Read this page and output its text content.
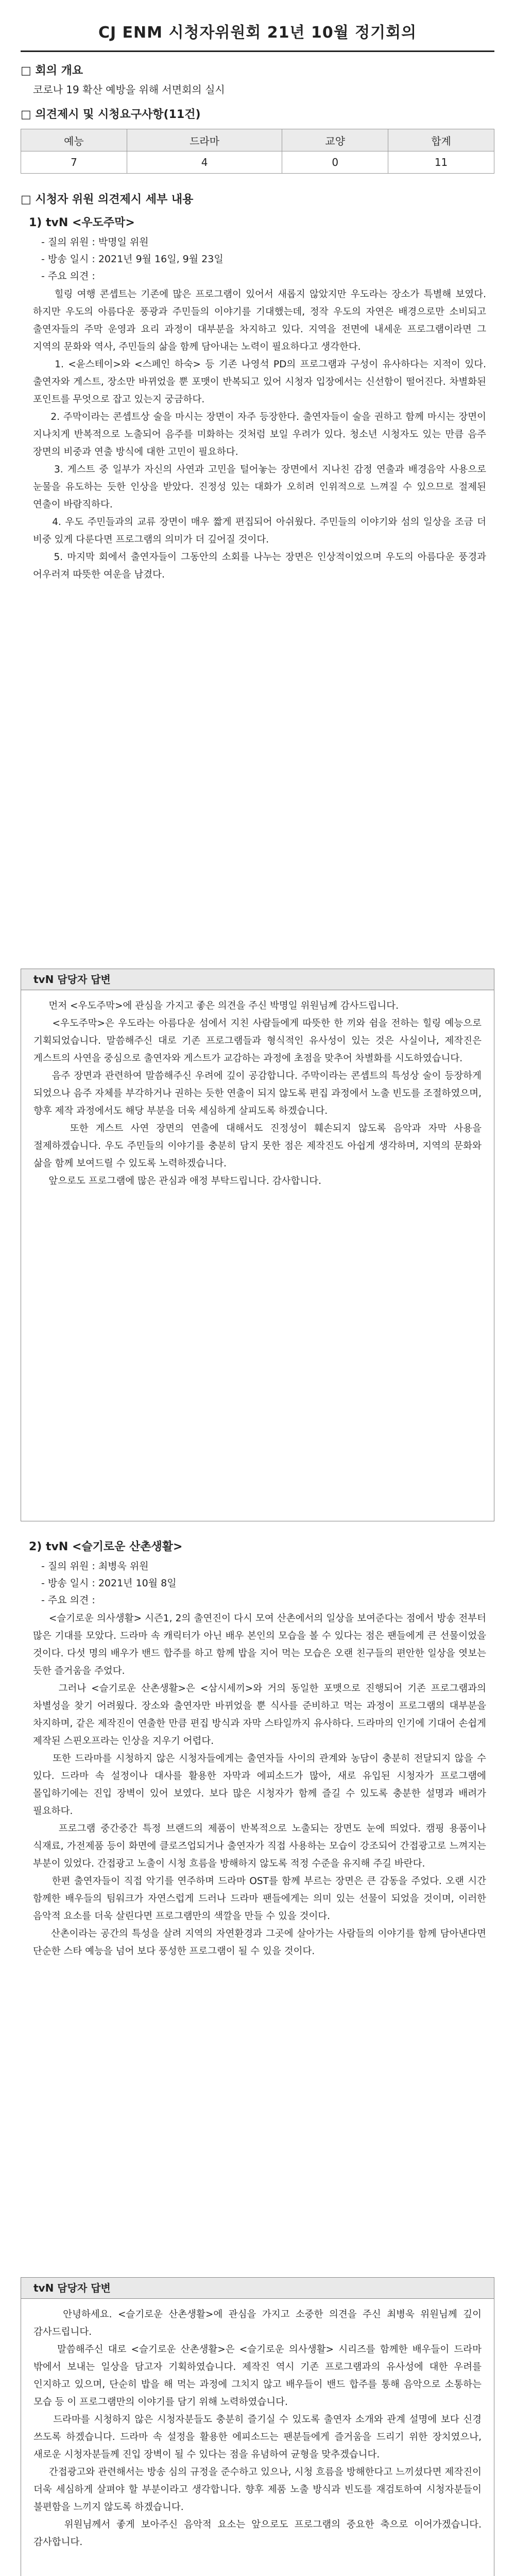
CJ ENM 시청자위원회 21년 10월 정기회의
□ 회의 개요
코로나 19 확산 예방을 위해 서면회의 실시
□ 의견제시 및 시청요구사항(11건)
예능	드라마	교양	합계
7	4	0	11
□ 시청자 위원 의견제시 세부 내용
1) tvN <우도주막>
- 질의 위원 : 박명일 위원
- 방송 일시 : 2021년 9월 16일, 9월 23일
- 주요 의견 :
힐링 여행 콘셉트는 기존에 많은 프로그램이 있어서 새롭지 않았지만 우도라는 장소가 특별해 보였다. 하지만 우도의 아름다운 풍광과 주민들의 이야기를 기대했는데, 정작 우도의 자연은 배경으로만 소비되고 출연자들의 주막 운영과 요리 과정이 대부분을 차지하고 있다. 지역을 전면에 내세운 프로그램이라면 그 지역의 문화와 역사, 주민들의 삶을 함께 담아내는 노력이 필요하다고 생각한다.
1. <윤스테이>와 <스페인 하숙> 등 기존 나영석 PD의 프로그램과 구성이 유사하다는 지적이 있다. 출연자와 게스트, 장소만 바뀌었을 뿐 포맷이 반복되고 있어 시청자 입장에서는 신선함이 떨어진다. 차별화된 포인트를 무엇으로 잡고 있는지 궁금하다.
2. 주막이라는 콘셉트상 술을 마시는 장면이 자주 등장한다. 출연자들이 술을 권하고 함께 마시는 장면이 지나치게 반복적으로 노출되어 음주를 미화하는 것처럼 보일 우려가 있다. 청소년 시청자도 있는 만큼 음주 장면의 비중과 연출 방식에 대한 고민이 필요하다.
3. 게스트 중 일부가 자신의 사연과 고민을 털어놓는 장면에서 지나친 감정 연출과 배경음악 사용으로 눈물을 유도하는 듯한 인상을 받았다. 진정성 있는 대화가 오히려 인위적으로 느껴질 수 있으므로 절제된 연출이 바람직하다.
4. 우도 주민들과의 교류 장면이 매우 짧게 편집되어 아쉬웠다. 주민들의 이야기와 섬의 일상을 조금 더 비중 있게 다룬다면 프로그램의 의미가 더 깊어질 것이다.
5. 마지막 회에서 출연자들이 그동안의 소회를 나누는 장면은 인상적이었으며 우도의 아름다운 풍경과 어우러져 따뜻한 여운을 남겼다.
tvN 담당자 답변
먼저 <우도주막>에 관심을 가지고 좋은 의견을 주신 박명일 위원님께 감사드립니다.
<우도주막>은 우도라는 아름다운 섬에서 지친 사람들에게 따뜻한 한 끼와 쉼을 전하는 힐링 예능으로 기획되었습니다. 말씀해주신 대로 기존 프로그램들과 형식적인 유사성이 있는 것은 사실이나, 제작진은 게스트의 사연을 중심으로 출연자와 게스트가 교감하는 과정에 초점을 맞추어 차별화를 시도하였습니다.
음주 장면과 관련하여 말씀해주신 우려에 깊이 공감합니다. 주막이라는 콘셉트의 특성상 술이 등장하게 되었으나 음주 자체를 부각하거나 권하는 듯한 연출이 되지 않도록 편집 과정에서 노출 빈도를 조절하였으며, 향후 제작 과정에서도 해당 부분을 더욱 세심하게 살피도록 하겠습니다.
또한 게스트 사연 장면의 연출에 대해서도 진정성이 훼손되지 않도록 음악과 자막 사용을 절제하겠습니다. 우도 주민들의 이야기를 충분히 담지 못한 점은 제작진도 아쉽게 생각하며, 지역의 문화와 삶을 함께 보여드릴 수 있도록 노력하겠습니다.
앞으로도 프로그램에 많은 관심과 애정 부탁드립니다. 감사합니다.
2) tvN <슬기로운 산촌생활>
- 질의 위원 : 최병욱 위원
- 방송 일시 : 2021년 10월 8일
- 주요 의견 :
<슬기로운 의사생활> 시즌1, 2의 출연진이 다시 모여 산촌에서의 일상을 보여준다는 점에서 방송 전부터 많은 기대를 모았다. 드라마 속 캐릭터가 아닌 배우 본인의 모습을 볼 수 있다는 점은 팬들에게 큰 선물이었을 것이다. 다섯 명의 배우가 밴드 합주를 하고 함께 밥을 지어 먹는 모습은 오랜 친구들의 편안한 일상을 엿보는 듯한 즐거움을 주었다.
그러나 <슬기로운 산촌생활>은 <삼시세끼>와 거의 동일한 포맷으로 진행되어 기존 프로그램과의 차별성을 찾기 어려웠다. 장소와 출연자만 바뀌었을 뿐 식사를 준비하고 먹는 과정이 프로그램의 대부분을 차지하며, 같은 제작진이 연출한 만큼 편집 방식과 자막 스타일까지 유사하다. 드라마의 인기에 기대어 손쉽게 제작된 스핀오프라는 인상을 지우기 어렵다.
또한 드라마를 시청하지 않은 시청자들에게는 출연자들 사이의 관계와 농담이 충분히 전달되지 않을 수 있다. 드라마 속 설정이나 대사를 활용한 자막과 에피소드가 많아, 새로 유입된 시청자가 프로그램에 몰입하기에는 진입 장벽이 있어 보였다. 보다 많은 시청자가 함께 즐길 수 있도록 충분한 설명과 배려가 필요하다.
프로그램 중간중간 특정 브랜드의 제품이 반복적으로 노출되는 장면도 눈에 띄었다. 캠핑 용품이나 식재료, 가전제품 등이 화면에 클로즈업되거나 출연자가 직접 사용하는 모습이 강조되어 간접광고로 느껴지는 부분이 있었다. 간접광고 노출이 시청 흐름을 방해하지 않도록 적정 수준을 유지해 주길 바란다.
한편 출연자들이 직접 악기를 연주하며 드라마 OST를 함께 부르는 장면은 큰 감동을 주었다. 오랜 시간 함께한 배우들의 팀워크가 자연스럽게 드러나 드라마 팬들에게는 의미 있는 선물이 되었을 것이며, 이러한 음악적 요소를 더욱 살린다면 프로그램만의 색깔을 만들 수 있을 것이다.
산촌이라는 공간의 특성을 살려 지역의 자연환경과 그곳에 살아가는 사람들의 이야기를 함께 담아낸다면 단순한 스타 예능을 넘어 보다 풍성한 프로그램이 될 수 있을 것이다.
tvN 담당자 답변
안녕하세요. <슬기로운 산촌생활>에 관심을 가지고 소중한 의견을 주신 최병욱 위원님께 깊이 감사드립니다.
말씀해주신 대로 <슬기로운 산촌생활>은 <슬기로운 의사생활> 시리즈를 함께한 배우들이 드라마 밖에서 보내는 일상을 담고자 기획하였습니다. 제작진 역시 기존 프로그램과의 유사성에 대한 우려를 인지하고 있으며, 단순히 밥을 해 먹는 과정에 그치지 않고 배우들이 밴드 합주를 통해 음악으로 소통하는 모습 등 이 프로그램만의 이야기를 담기 위해 노력하였습니다.
드라마를 시청하지 않은 시청자분들도 충분히 즐기실 수 있도록 출연자 소개와 관계 설명에 보다 신경 쓰도록 하겠습니다. 드라마 속 설정을 활용한 에피소드는 팬분들에게 즐거움을 드리기 위한 장치였으나, 새로운 시청자분들께 진입 장벽이 될 수 있다는 점을 유념하여 균형을 맞추겠습니다.
간접광고와 관련해서는 방송 심의 규정을 준수하고 있으나, 시청 흐름을 방해한다고 느끼셨다면 제작진이 더욱 세심하게 살펴야 할 부분이라고 생각합니다. 향후 제품 노출 방식과 빈도를 재검토하여 시청자분들이 불편함을 느끼지 않도록 하겠습니다.
위원님께서 좋게 보아주신 음악적 요소는 앞으로도 프로그램의 중요한 축으로 이어가겠습니다. 감사합니다.
